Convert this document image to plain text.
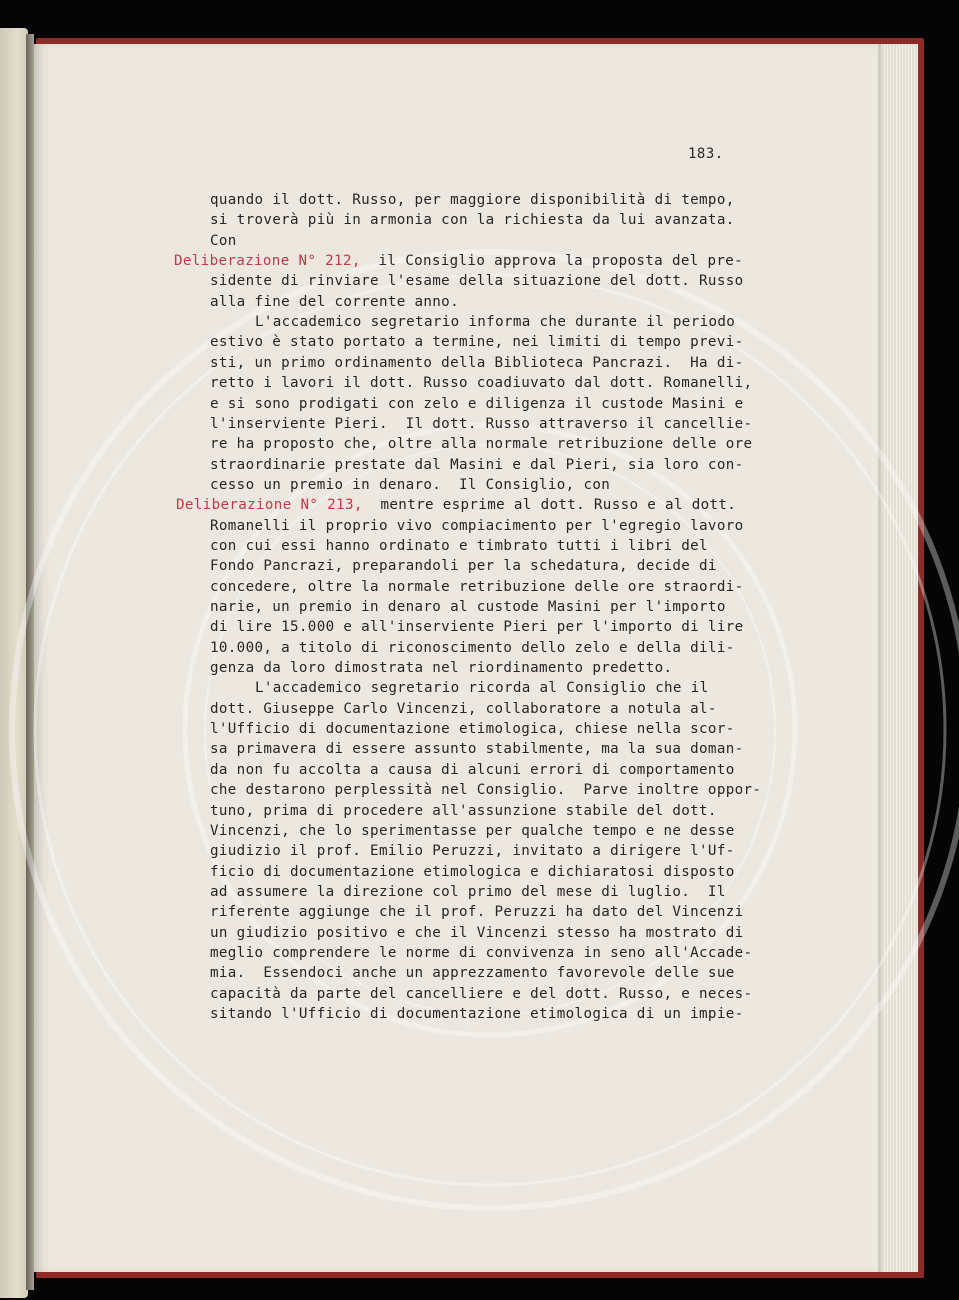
183.
quando il dott. Russo, per maggiore disponibilità di tempo,
si troverà più in armonia con la richiesta da lui avanzata.
Con
Deliberazione N° 212,  il Consiglio approva la proposta del pre-
sidente di rinviare l'esame della situazione del dott. Russo
alla fine del corrente anno.
L'accademico segretario informa che durante il periodo
estivo è stato portato a termine, nei limiti di tempo previ-
sti, un primo ordinamento della Biblioteca Pancrazi.  Ha di-
retto i lavori il dott. Russo coadiuvato dal dott. Romanelli,
e si sono prodigati con zelo e diligenza il custode Masini e
l'inserviente Pieri.  Il dott. Russo attraverso il cancellie-
re ha proposto che, oltre alla normale retribuzione delle ore
straordinarie prestate dal Masini e dal Pieri, sia loro con-
cesso un premio in denaro.  Il Consiglio, con
Deliberazione N° 213,  mentre esprime al dott. Russo e al dott.
Romanelli il proprio vivo compiacimento per l'egregio lavoro
con cui essi hanno ordinato e timbrato tutti i libri del
Fondo Pancrazi, preparandoli per la schedatura, decide di
concedere, oltre la normale retribuzione delle ore straordi-
narie, un premio in denaro al custode Masini per l'importo
di lire 15.000 e all'inserviente Pieri per l'importo di lire
10.000, a titolo di riconoscimento dello zelo e della dili-
genza da loro dimostrata nel riordinamento predetto.
L'accademico segretario ricorda al Consiglio che il
dott. Giuseppe Carlo Vincenzi, collaboratore a notula al-
l'Ufficio di documentazione etimologica, chiese nella scor-
sa primavera di essere assunto stabilmente, ma la sua doman-
da non fu accolta a causa di alcuni errori di comportamento
che destarono perplessità nel Consiglio.  Parve inoltre oppor-
tuno, prima di procedere all'assunzione stabile del dott.
Vincenzi, che lo sperimentasse per qualche tempo e ne desse
giudizio il prof. Emilio Peruzzi, invitato a dirigere l'Uf-
ficio di documentazione etimologica e dichiaratosi disposto
ad assumere la direzione col primo del mese di luglio.  Il
riferente aggiunge che il prof. Peruzzi ha dato del Vincenzi
un giudizio positivo e che il Vincenzi stesso ha mostrato di
meglio comprendere le norme di convivenza in seno all'Accade-
mia.  Essendoci anche un apprezzamento favorevole delle sue
capacità da parte del cancelliere e del dott. Russo, e neces-
sitando l'Ufficio di documentazione etimologica di un impie-
